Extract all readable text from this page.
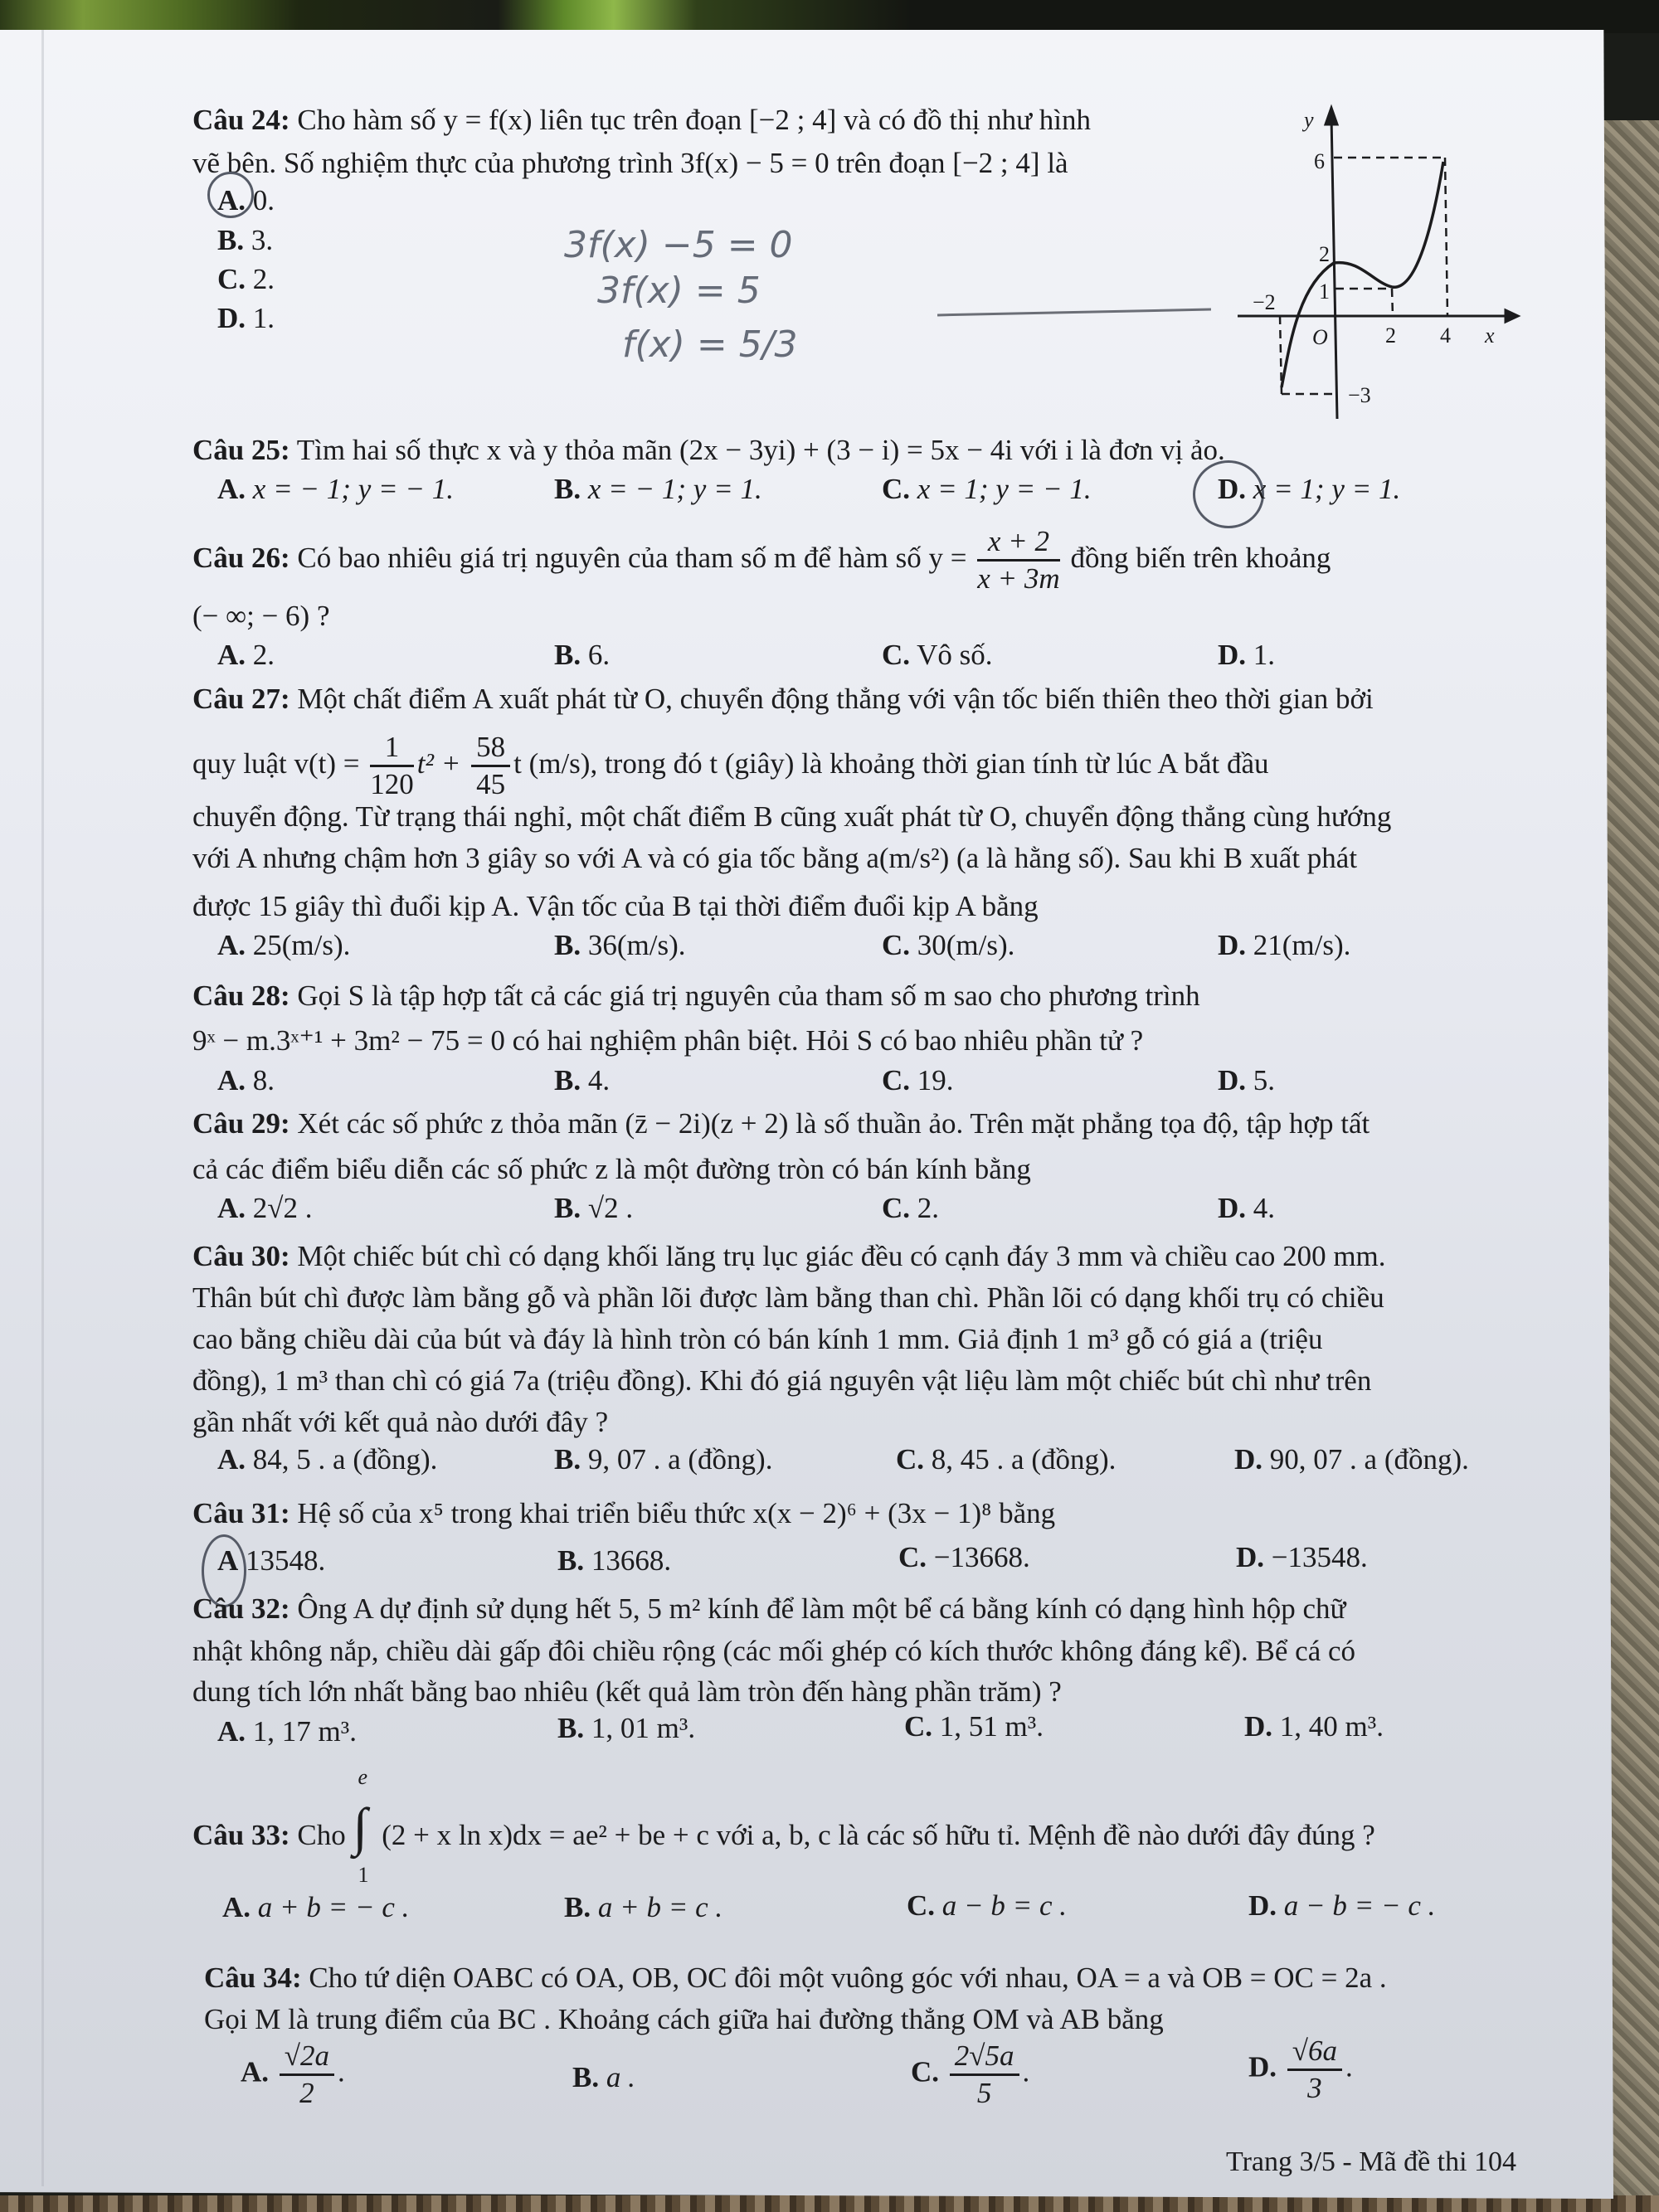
Câu 24: Cho hàm số y = f(x) liên tục trên đoạn [−2 ; 4] và có đồ thị như hình
vẽ bên. Số nghiệm thực của phương trình 3f(x) − 5 = 0 trên đoạn [−2 ; 4] là
A. 0.
B. 3.
C. 2.
D. 1.
3f(x) −5 = 0
3f(x) = 5
f(x) = 5/3
y
6
2
1
−2
O	2 4 x
−3
Câu 25: Tìm hai số thực x và y thỏa mãn (2x − 3yi) + (3 − i) = 5x − 4i với i là đơn vị ảo.
A. x = − 1; y = − 1.	B. x = − 1; y = 1.	C. x = 1; y = − 1.	D. x = 1; y = 1.
Câu 26: Có bao nhiêu giá trị nguyên của tham số m để hàm số $y = \frac{x + 2}{x + 3m}$ đồng biến trên khoảng
(− ∞; − 6) ?
A. 2.	B. 6.	C. Vô số.	D. 1.
Câu 27: Một chất điểm A xuất phát từ O, chuyển động thẳng với vận tốc biến thiên theo thời gian bởi
quy luật $v(t) = \frac{1}{120} t^2 + \frac{58}{45}$ t (m/s), trong đó t (giây) là khoảng thời gian tính từ lúc A bắt đầu
chuyển động. Từ trạng thái nghỉ, một chất điểm B cũng xuất phát từ O, chuyển động thẳng cùng hướng
với A nhưng chậm hơn 3 giây so với A và có gia tốc bằng a(m/s²) (a là hằng số). Sau khi B xuất phát
được 15 giây thì đuổi kịp A. Vận tốc của B tại thời điểm đuổi kịp A bằng
A. 25(m/s).	B. 36(m/s).	C. 30(m/s).	D. 21(m/s).
Câu 28: Gọi S là tập hợp tất cả các giá trị nguyên của tham số m sao cho phương trình
9ˣ − m.3ˣ⁺¹ + 3m² − 75 = 0 có hai nghiệm phân biệt. Hỏi S có bao nhiêu phần tử ?
A. 8.	B. 4.	C. 19.	D. 5.
Câu 29: Xét các số phức z thỏa mãn (z̄ − 2i)(z + 2) là số thuần ảo. Trên mặt phẳng tọa độ, tập hợp tất
cả các điểm biểu diễn các số phức z là một đường tròn có bán kính bằng
A. 2√2 .	B. √2 .	C. 2.	D. 4.
Câu 30: Một chiếc bút chì có dạng khối lăng trụ lục giác đều có cạnh đáy 3 mm và chiều cao 200 mm.
Thân bút chì được làm bằng gỗ và phần lõi được làm bằng than chì. Phần lõi có dạng khối trụ có chiều
cao bằng chiều dài của bút và đáy là hình tròn có bán kính 1 mm. Giả định 1 m³ gỗ có giá a (triệu
đồng), 1 m³ than chì có giá 7a (triệu đồng). Khi đó giá nguyên vật liệu làm một chiếc bút chì như trên
gần nhất với kết quả nào dưới đây ?
A. 84, 5 . a (đồng).	B. 9, 07 . a (đồng).	C. 8, 45 . a (đồng).	D. 90, 07 . a (đồng).
Câu 31: Hệ số của x⁵ trong khai triển biểu thức x(x − 2)⁶ + (3x − 1)⁸ bằng
A 13548.	B. 13668.	C. −13668.	D. −13548.
Câu 32: Ông A dự định sử dụng hết 5, 5 m² kính để làm một bể cá bằng kính có dạng hình hộp chữ
nhật không nắp, chiều dài gấp đôi chiều rộng (các mối ghép có kích thước không đáng kể). Bể cá có
dung tích lớn nhất bằng bao nhiêu (kết quả làm tròn đến hàng phần trăm) ?
A. 1, 17 m³.	B. 1, 01 m³.	C. 1, 51 m³.	D. 1, 40 m³.
Câu 33: Cho
e
∫
1
(2 + x ln x)dx = ae² + be + c với a, b, c là các số hữu tỉ. Mệnh đề nào dưới đây đúng ?
A. a + b = − c .	B. a + b = c .	C. a − b = c .	D. a − b = − c .
Câu 34: Cho tứ diện OABC có OA, OB, OC đôi một vuông góc với nhau, OA = a và OB = OC = 2a .
Gọi M là trung điểm của BC . Khoảng cách giữa hai đường thẳng OM và AB bằng
A. $\frac{√2a}{2}$ .	B. a .	C. $\frac{2√5a}{5}$ .	D. $\frac{√6a}{3}$ .
Trang 3/5 - Mã đề thi 104
